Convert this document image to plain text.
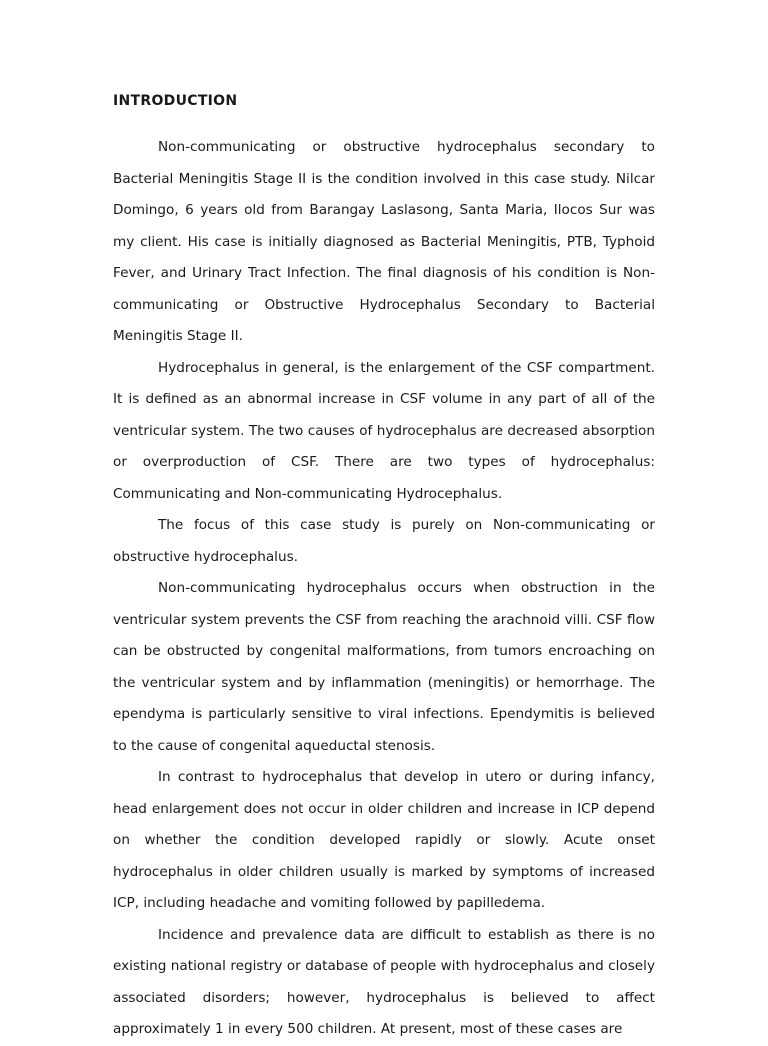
INTRODUCTION

Non-communicating or obstructive hydrocephalus secondary to Bacterial Meningitis Stage II is the condition involved in this case study. Nilcar Domingo, 6 years old from Barangay Laslasong, Santa Maria, Ilocos Sur was my client. His case is initially diagnosed as Bacterial Meningitis, PTB, Typhoid Fever, and Urinary Tract Infection. The final diagnosis of his condition is Non-communicating or Obstructive Hydrocephalus Secondary to Bacterial Meningitis Stage II.

Hydrocephalus in general, is the enlargement of the CSF compartment. It is defined as an abnormal increase in CSF volume in any part of all of the ventricular system. The two causes of hydrocephalus are decreased absorption or overproduction of CSF. There are two types of hydrocephalus: Communicating and Non-communicating Hydrocephalus.

The focus of this case study is purely on Non-communicating or obstructive hydrocephalus.

Non-communicating hydrocephalus occurs when obstruction in the ventricular system prevents the CSF from reaching the arachnoid villi. CSF flow can be obstructed by congenital malformations, from tumors encroaching on the ventricular system and by inflammation (meningitis) or hemorrhage. The ependyma is particularly sensitive to viral infections. Ependymitis is believed to the cause of congenital aqueductal stenosis.

In contrast to hydrocephalus that develop in utero or during infancy, head enlargement does not occur in older children and increase in ICP depend on whether the condition developed rapidly or slowly. Acute onset hydrocephalus in older children usually is marked by symptoms of increased ICP, including headache and vomiting followed by papilledema.

Incidence and prevalence data are difficult to establish as there is no existing national registry or database of people with hydrocephalus and closely associated disorders; however, hydrocephalus is believed to affect approximately 1 in every 500 children. At present, most of these cases are
